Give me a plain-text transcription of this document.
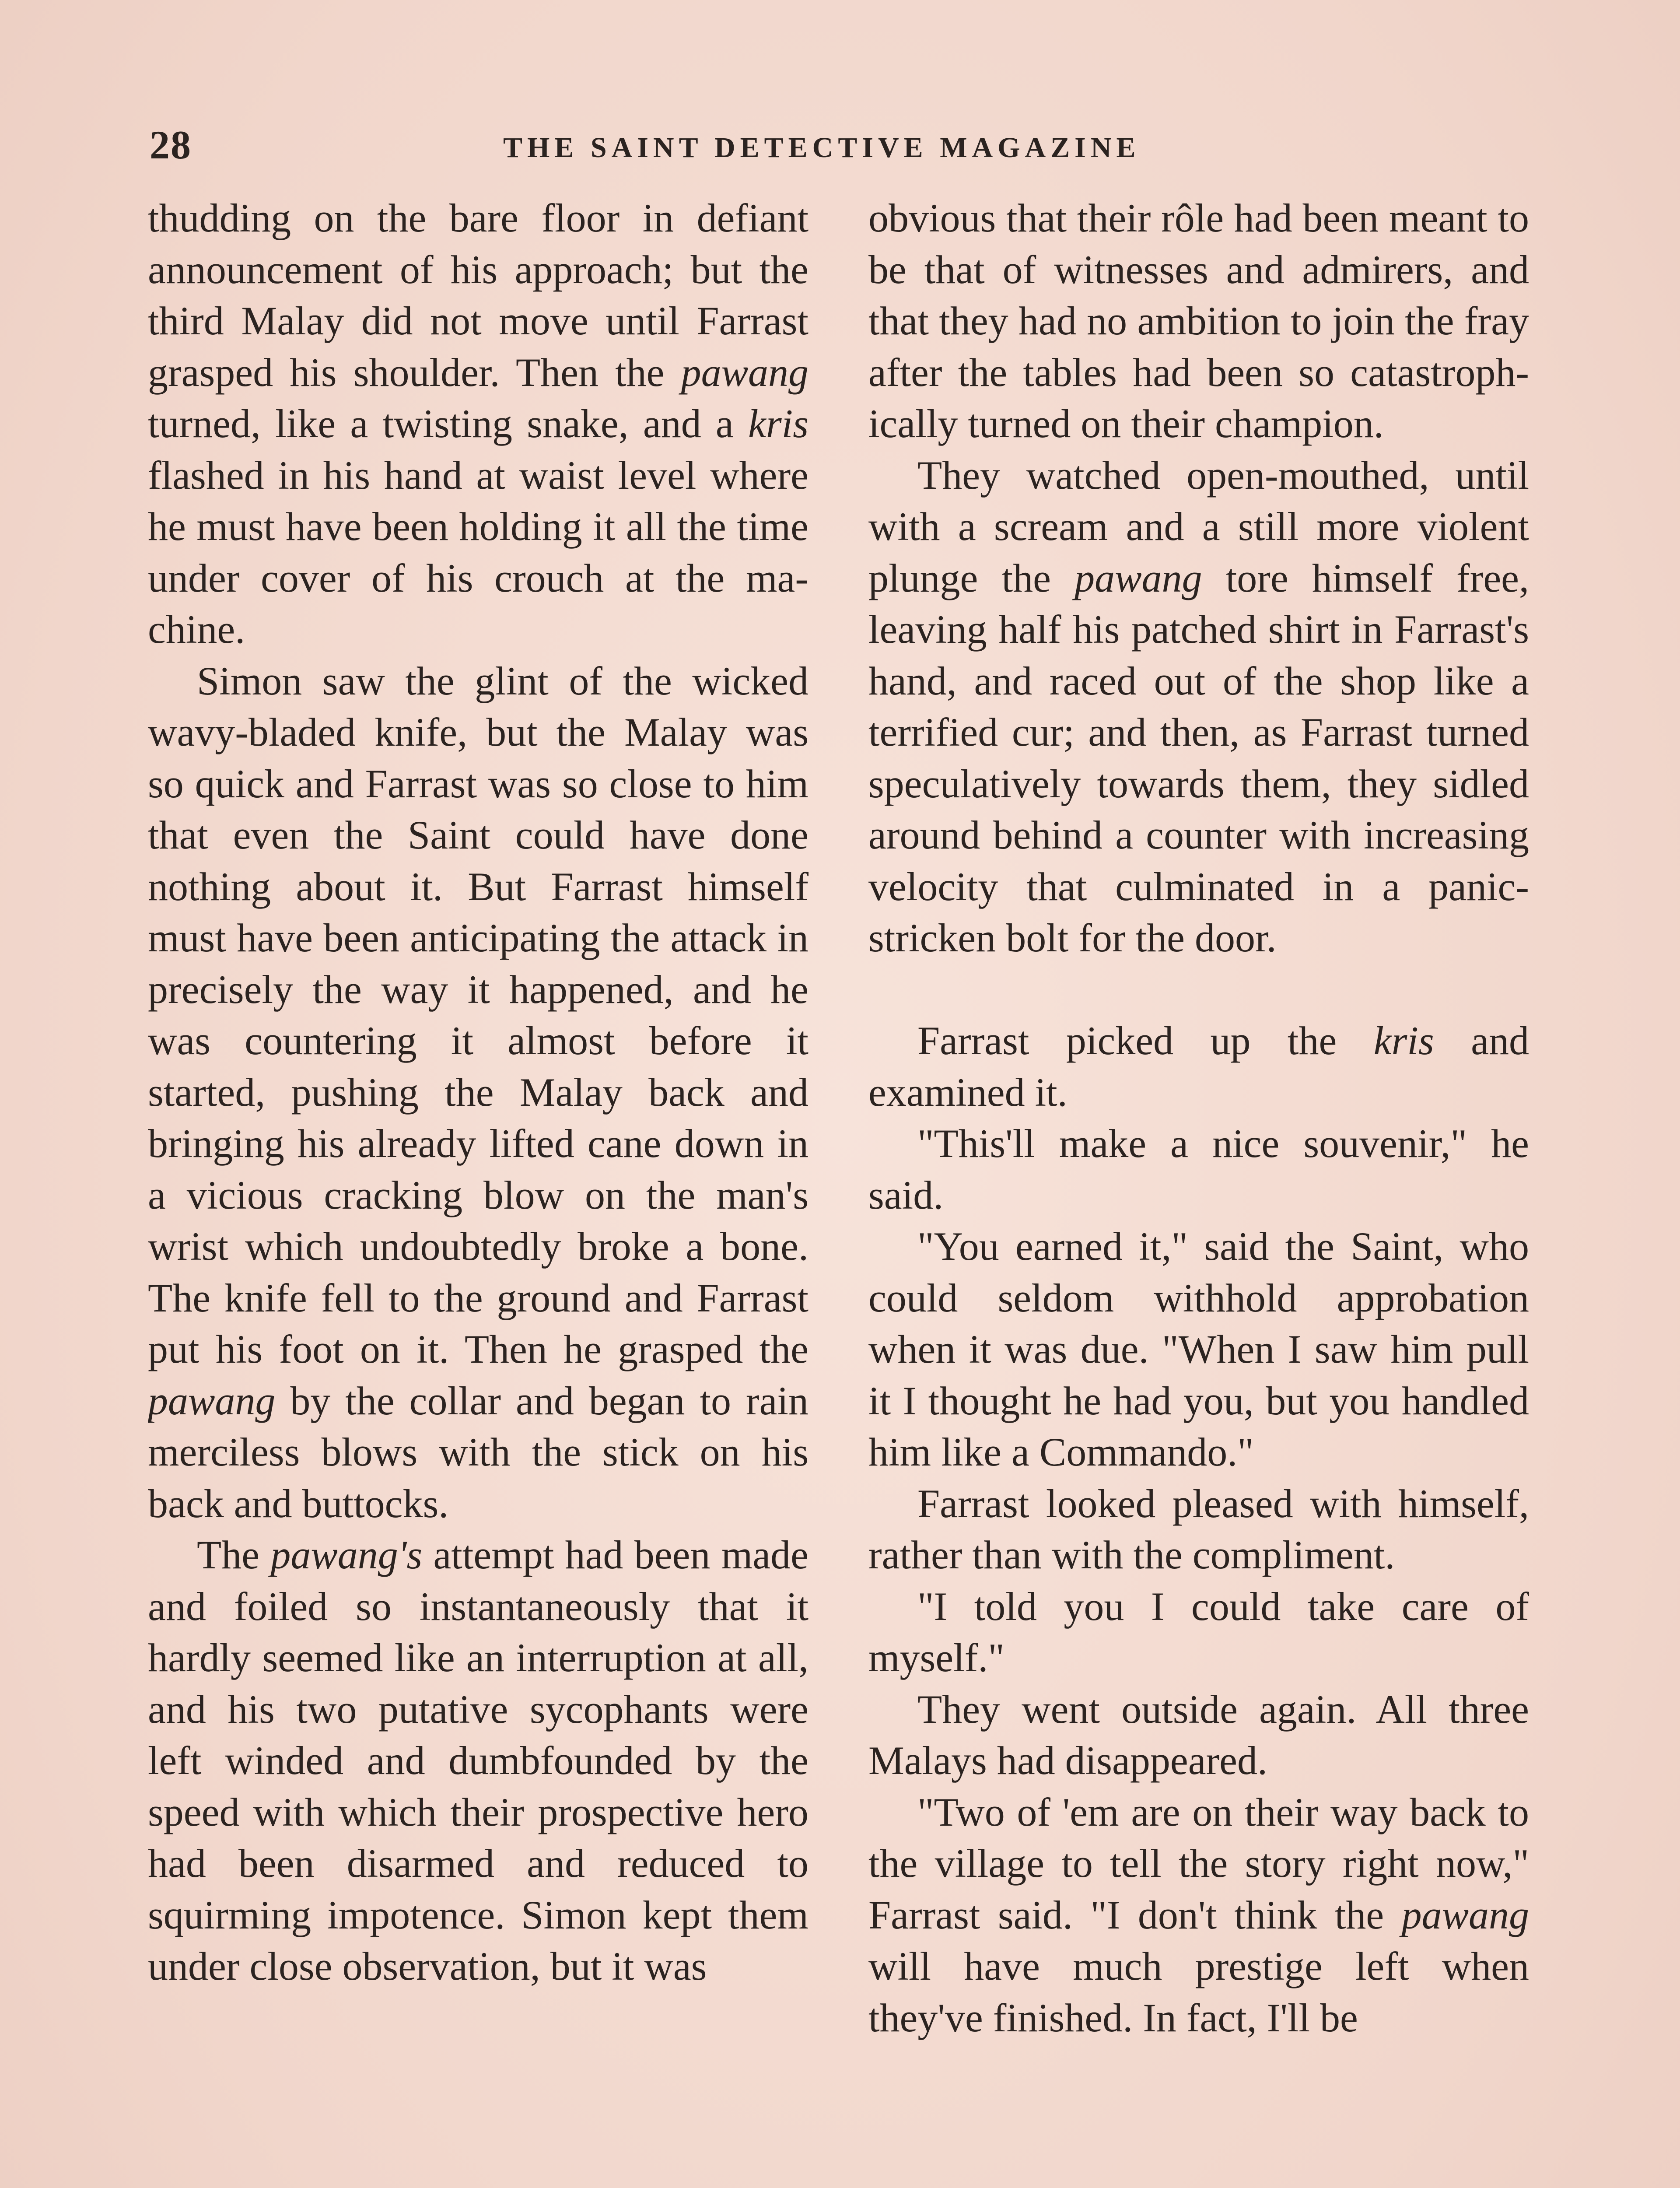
28	THE SAINT DETECTIVE MAGAZINE

thudding on the bare floor in defiant announcement of his approach; but the third Malay did not move until Farrast grasped his shoulder. Then the pawang turned, like a twisting snake, and a kris flashed in his hand at waist level where he must have been holding it all the time under cover of his crouch at the machine.

Simon saw the glint of the wicked wavy-bladed knife, but the Malay was so quick and Farrast was so close to him that even the Saint could have done nothing about it. But Farrast himself must have been anticipating the attack in precisely the way it happened, and he was countering it almost before it started, pushing the Malay back and bringing his already lifted cane down in a vicious cracking blow on the man's wrist which undoubtedly broke a bone. The knife fell to the ground and Farrast put his foot on it. Then he grasped the pawang by the collar and began to rain merciless blows with the stick on his back and buttocks.

The pawang's attempt had been made and foiled so instantaneously that it hardly seemed like an interruption at all, and his two putative sycophants were left winded and dumbfounded by the speed with which their prospective hero had been disarmed and reduced to squirming impotence. Simon kept them under close observation, but it was

obvious that their rôle had been meant to be that of witnesses and admirers, and that they had no ambition to join the fray after the tables had been so catastrophically turned on their champion.

They watched open-mouthed, until with a scream and a still more violent plunge the pawang tore himself free, leaving half his patched shirt in Farrast's hand, and raced out of the shop like a terrified cur; and then, as Farrast turned speculatively towards them, they sidled around behind a counter with increasing velocity that culminated in a panic-stricken bolt for the door.

Farrast picked up the kris and examined it.

"This'll make a nice souvenir," he said.

"You earned it," said the Saint, who could seldom withhold approbation when it was due. "When I saw him pull it I thought he had you, but you handled him like a Commando."

Farrast looked pleased with himself, rather than with the compliment.

"I told you I could take care of myself."

They went outside again. All three Malays had disappeared.

"Two of 'em are on their way back to the village to tell the story right now," Farrast said. "I don't think the pawang will have much prestige left when they've finished. In fact, I'll be
